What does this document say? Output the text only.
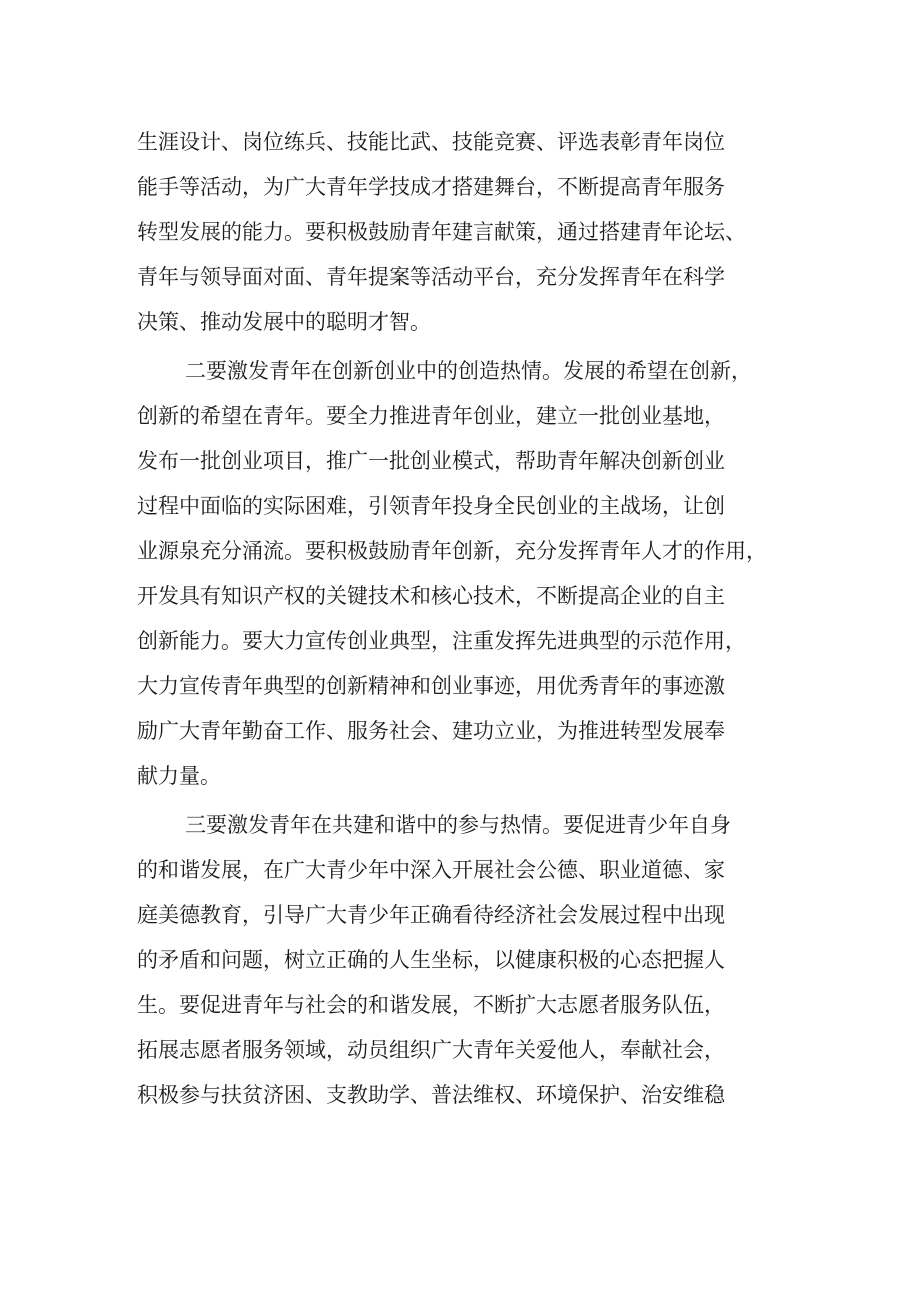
生涯设计、岗位练兵、技能比武、技能竞赛、评选表彰青年岗位
能手等活动，为广大青年学技成才搭建舞台，不断提高青年服务
转型发展的能力。要积极鼓励青年建言献策，通过搭建青年论坛、
青年与领导面对面、青年提案等活动平台，充分发挥青年在科学
决策、推动发展中的聪明才智。
二要激发青年在创新创业中的创造热情。发展的希望在创新，
创新的希望在青年。要全力推进青年创业，建立一批创业基地，
发布一批创业项目，推广一批创业模式，帮助青年解决创新创业
过程中面临的实际困难，引领青年投身全民创业的主战场，让创
业源泉充分涌流。要积极鼓励青年创新，充分发挥青年人才的作用，
开发具有知识产权的关键技术和核心技术，不断提高企业的自主
创新能力。要大力宣传创业典型，注重发挥先进典型的示范作用，
大力宣传青年典型的创新精神和创业事迹，用优秀青年的事迹激
励广大青年勤奋工作、服务社会、建功立业，为推进转型发展奉
献力量。
三要激发青年在共建和谐中的参与热情。要促进青少年自身
的和谐发展，在广大青少年中深入开展社会公德、职业道德、家
庭美德教育，引导广大青少年正确看待经济社会发展过程中出现
的矛盾和问题，树立正确的人生坐标，以健康积极的心态把握人
生。要促进青年与社会的和谐发展，不断扩大志愿者服务队伍，
拓展志愿者服务领域，动员组织广大青年关爱他人，奉献社会，
积极参与扶贫济困、支教助学、普法维权、环境保护、治安维稳
